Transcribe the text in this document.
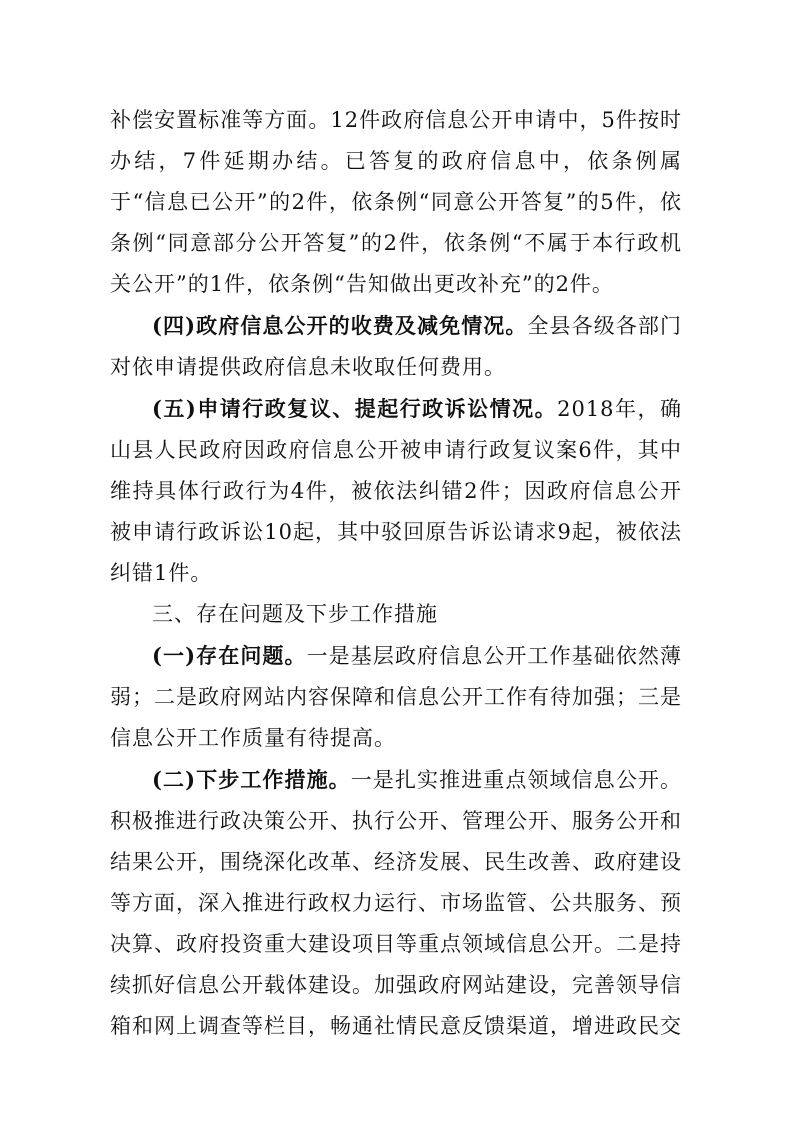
补偿安置标准等方面。12件政府信息公开申请中，5件按时办结，7件延期办结。已答复的政府信息中，依条例属于“信息已公开”的2件，依条例“同意公开答复”的5件，依条例“同意部分公开答复”的2件，依条例“不属于本行政机关公开”的1件，依条例“告知做出更改补充”的2件。

(四)政府信息公开的收费及减免情况。全县各级各部门对依申请提供政府信息未收取任何费用。

(五)申请行政复议、提起行政诉讼情况。2018年，确山县人民政府因政府信息公开被申请行政复议案6件，其中维持具体行政行为4件，被依法纠错2件；因政府信息公开被申请行政诉讼10起，其中驳回原告诉讼请求9起，被依法纠错1件。

三、存在问题及下步工作措施

(一)存在问题。一是基层政府信息公开工作基础依然薄弱；二是政府网站内容保障和信息公开工作有待加强；三是信息公开工作质量有待提高。

(二)下步工作措施。一是扎实推进重点领域信息公开。积极推进行政决策公开、执行公开、管理公开、服务公开和结果公开，围绕深化改革、经济发展、民生改善、政府建设等方面，深入推进行政权力运行、市场监管、公共服务、预决算、政府投资重大建设项目等重点领域信息公开。二是持续抓好信息公开载体建设。加强政府网站建设，完善领导信箱和网上调查等栏目，畅通社情民意反馈渠道，增进政民交
